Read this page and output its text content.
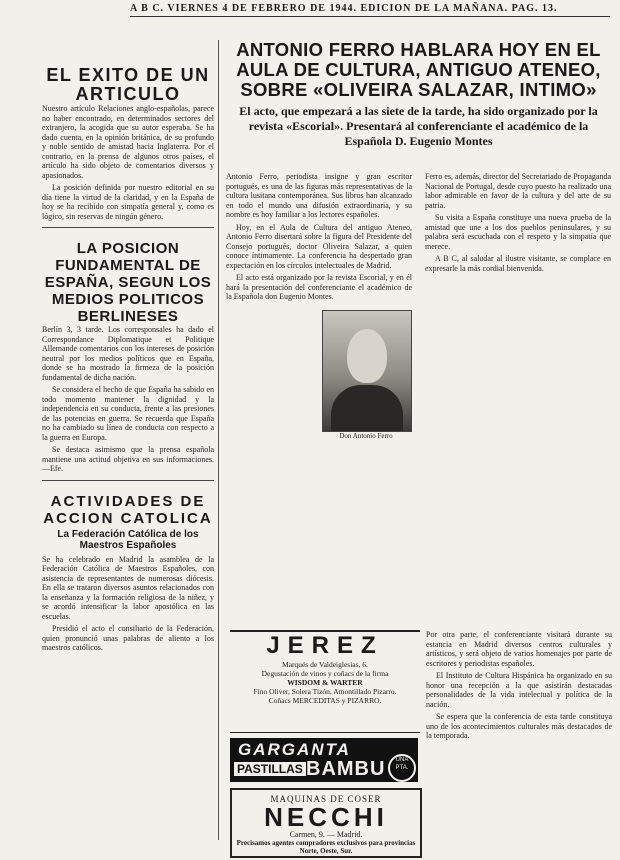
A B C. VIERNES 4 DE FEBRERO DE 1944. EDICION DE LA MAÑANA. PAG. 13.
EL EXITO DE UN ARTICULO

Nuestro artículo Relaciones anglo-españolas, parece no haber encontrado, en determinados sectores del extranjero, la acogida que su autor esperaba. Se ha dado cuenta, en la opinión británica, de su profundo y noble sentido de amistad hacia Inglaterra. Por el contrario, en la prensa de algunos otros países, el artículo ha sido objeto de comentarios diversos y apasionados.

La posición definida por nuestro editorial en su día tiene la virtud de la claridad, y en la España de hoy se ha recibido con simpatía general y, como es lógico, sin reservas de ningún género.

LA POSICION FUNDAMENTAL DE ESPAÑA, SEGUN LOS MEDIOS POLITICOS BERLINESES

Berlín 3, 3 tarde. Los corresponsales ha dado el Correspondance Diplomatique et Politique Allemande comentarios con los intereses de posición neutral por los medios políticos que en España, donde se ha mostrado la firmeza de la posición fundamental de dicha nación.

Se considera el hecho de que España ha sabido en todo momento mantener la dignidad y la independencia en su conducta, frente a las presiones de las potencias en guerra. Se recuerda que España no ha cambiado su línea de conducta con respecto a la guerra en Europa.

Se destaca asimismo que la prensa española mantiene una actitud objetiva en sus informaciones.—Efe.

ACTIVIDADES DE ACCION CATOLICA
La Federación Católica de los Maestros Españoles

Se ha celebrado en Madrid la asamblea de la Federación Católica de Maestros Españoles, con asistencia de representantes de numerosas diócesis. En ella se trataron diversos asuntos relacionados con la enseñanza y la formación religiosa de la niñez, y se acordó intensificar la labor apostólica en las escuelas.

Presidió el acto el consiliario de la Federación, quien pronunció unas palabras de aliento a los maestros católicos.

ANTONIO FERRO HABLARA HOY EN EL AULA DE CULTURA, ANTIGUO ATENEO, SOBRE «OLIVEIRA SALAZAR, INTIMO»
El acto, que empezará a las siete de la tarde, ha sido organizado por la revista «Escorial». Presentará al conferenciante el académico de la Española D. Eugenio Montes

Antonio Ferro, periodista insigne y gran escritor portugués, es una de las figuras más representativas de la cultura lusitana contemporánea. Sus libros han alcanzado en todo el mundo una difusión extraordinaria, y su nombre es hoy familiar a los lectores españoles.

Hoy, en el Aula de Cultura del antiguo Ateneo, Antonio Ferro disertará sobre la figura del Presidente del Consejo portugués, doctor Oliveira Salazar, a quien conoce íntimamente. La conferencia ha despertado gran expectación en los círculos intelectuales de Madrid.

El acto está organizado por la revista Escorial, y en él hará la presentación del conferenciante el académico de la Española don Eugenio Montes.

Ferro es, además, director del Secretariado de Propaganda Nacional de Portugal, desde cuyo puesto ha realizado una labor admirable en favor de la cultura y del arte de su patria.

Su visita a España constituye una nueva prueba de la amistad que une a los dos pueblos peninsulares, y su palabra será escuchada con el respeto y la simpatía que merece.

A B C, al saludar al ilustre visitante, se complace en expresarle la más cordial bienvenida.

Don Antonio Ferro
JEREZ
Marqués de Valdeiglesias, 6.
Degustación de vinos y coñacs de la firma
WISDOM & WARTER
Fino Oliver, Solera Tizón, Amontillado Pizarro.
Coñacs MERCEDITAS y PIZARRO.
GARGANTA
PASTILLAS BAMBU	UNA PTA.
MAQUINAS DE COSER
NECCHI
Carmen, 9. — Madrid.
Precisamos agentes compradores exclusivos para provincias Norte, Oeste, Sur.

Por otra parte, el conferenciante visitará durante su estancia en Madrid diversos centros culturales y artísticos, y será objeto de varios homenajes por parte de escritores y periodistas españoles.

El Instituto de Cultura Hispánica ha organizado en su honor una recepción a la que asistirán destacadas personalidades de la vida intelectual y política de la nación.

Se espera que la conferencia de esta tarde constituya uno de los acontecimientos culturales más destacados de la temporada.
